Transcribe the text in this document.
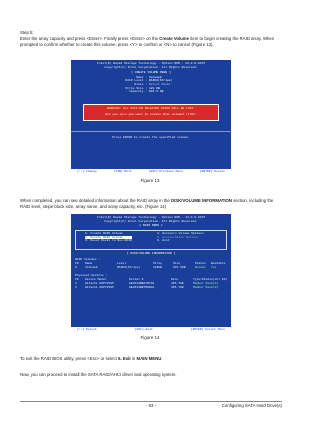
Step 5:
Enter the array capacity and press <Enter>. Finally press <Enter> on the Create Volume item to begin creating the RAID array. When prompted to confirm whether to create this volume, press <Y> to confirm or <N> to cancel (Figure 13).
Intel(R) Rapid Storage Technology - Option ROM - 13.0.0.2075
Copyright(C) Intel Corporation. All Rights Reserved.
[ CREATE VOLUME MENU ]
Name : Volume0
RAID Level : RAID0(Stripe)
Disks : Select Disks
Strip Size : 128 KB
Capacity : 931.5 GB
WARNING: ALL DATA ON SELECTED DISKS WILL BE LOST.
Are you sure you want to create this volume? (Y/N):
Press ENTER to create the specified volume.
[↑↓]-Change	[TAB]-Next	[ESC]-Previous Menu	[ENTER]-Select
Figure 13
When completed, you can see detailed information about the RAID array in the DISK/VOLUME INFORMATION section, including the RAID level, stripe block size, array name, and array capacity, etc. (Figure 14)
Intel(R) Rapid Storage Technology - Option ROM - 13.0.0.2075
Copyright(C) Intel Corporation. All Rights Reserved.
[ MAIN MENU ]
1. Create RAID Volume
2. Delete RAID Volume
3. Reset Disks to Non-RAID
4. Recovery Volume Options
5. Acceleration Options
6. Exit
[ DISK/VOLUME INFORMATION ]
RAID Volumes :
ID Name	Level	Strip	Size	Status Bootable
0	Volume0	RAID0(Stripe)	128KB	931.5GB	Normal Yes
Physical Devices :
ID Device Model	Serial #	Size	Type/Status(Vol ID)
1	Hitachi HDP72505	GEA534RB6VM7AS	465.7GB	Member Disk(0)
2	Hitachi HDP72505	GEA534RB7MDAKA	465.7GB	Member Disk(0)
[↑↓]-Select	[ESC]-Exit	[ENTER]-Select Menu
Figure 14
To exit the RAID BIOS utility, press <Esc> or select 6. Exit in MAIN MENU.
Now, you can proceed to install the SATA RAID/AHCI driver and operating system.
- 93 -	Configuring SATA Hard Drive(s)
